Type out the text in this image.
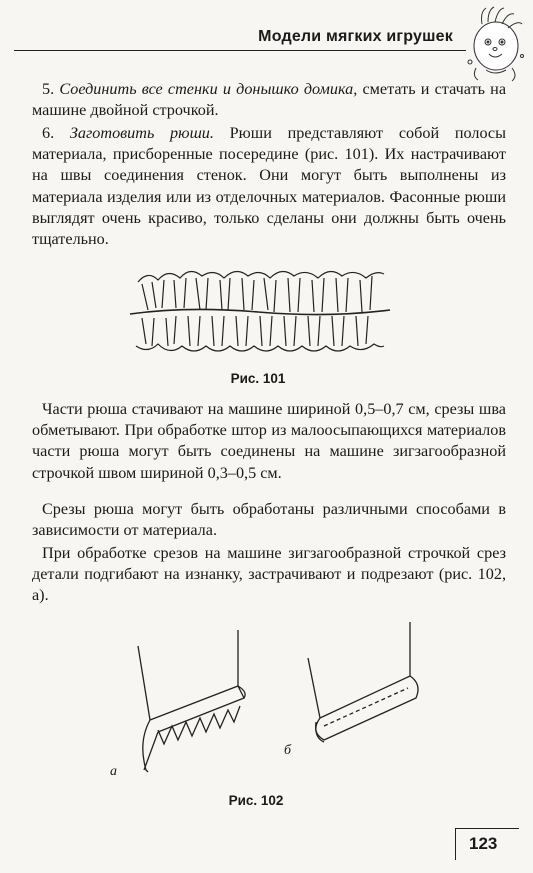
Модели мягких игрушек
5. Соединить все стенки и донышко домика, сметать и стачать на машине двойной строчкой.
6. Заготовить рюши. Рюши представляют собой полосы материала, присборенные посередине (рис. 101). Их настрачивают на швы соединения стенок. Они могут быть выполнены из материала изделия или из отделочных материалов. Фасонные рюши выглядят очень красиво, только сделаны они должны быть очень тщательно.
Рис. 101
Части рюша стачивают на машине шириной 0,5–0,7 см, срезы шва обметывают. При обработке штор из малоосыпающихся материалов части рюша могут быть соединены на машине зигзагообразной строчкой швом шириной 0,3–0,5 см.
Срезы рюша могут быть обработаны различными способами в зависимости от материала.
При обработке срезов на машине зигзагообразной строчкой срез детали подгибают на изнанку, застрачивают и подрезают (рис. 102, а).
а
б
Рис. 102
123
